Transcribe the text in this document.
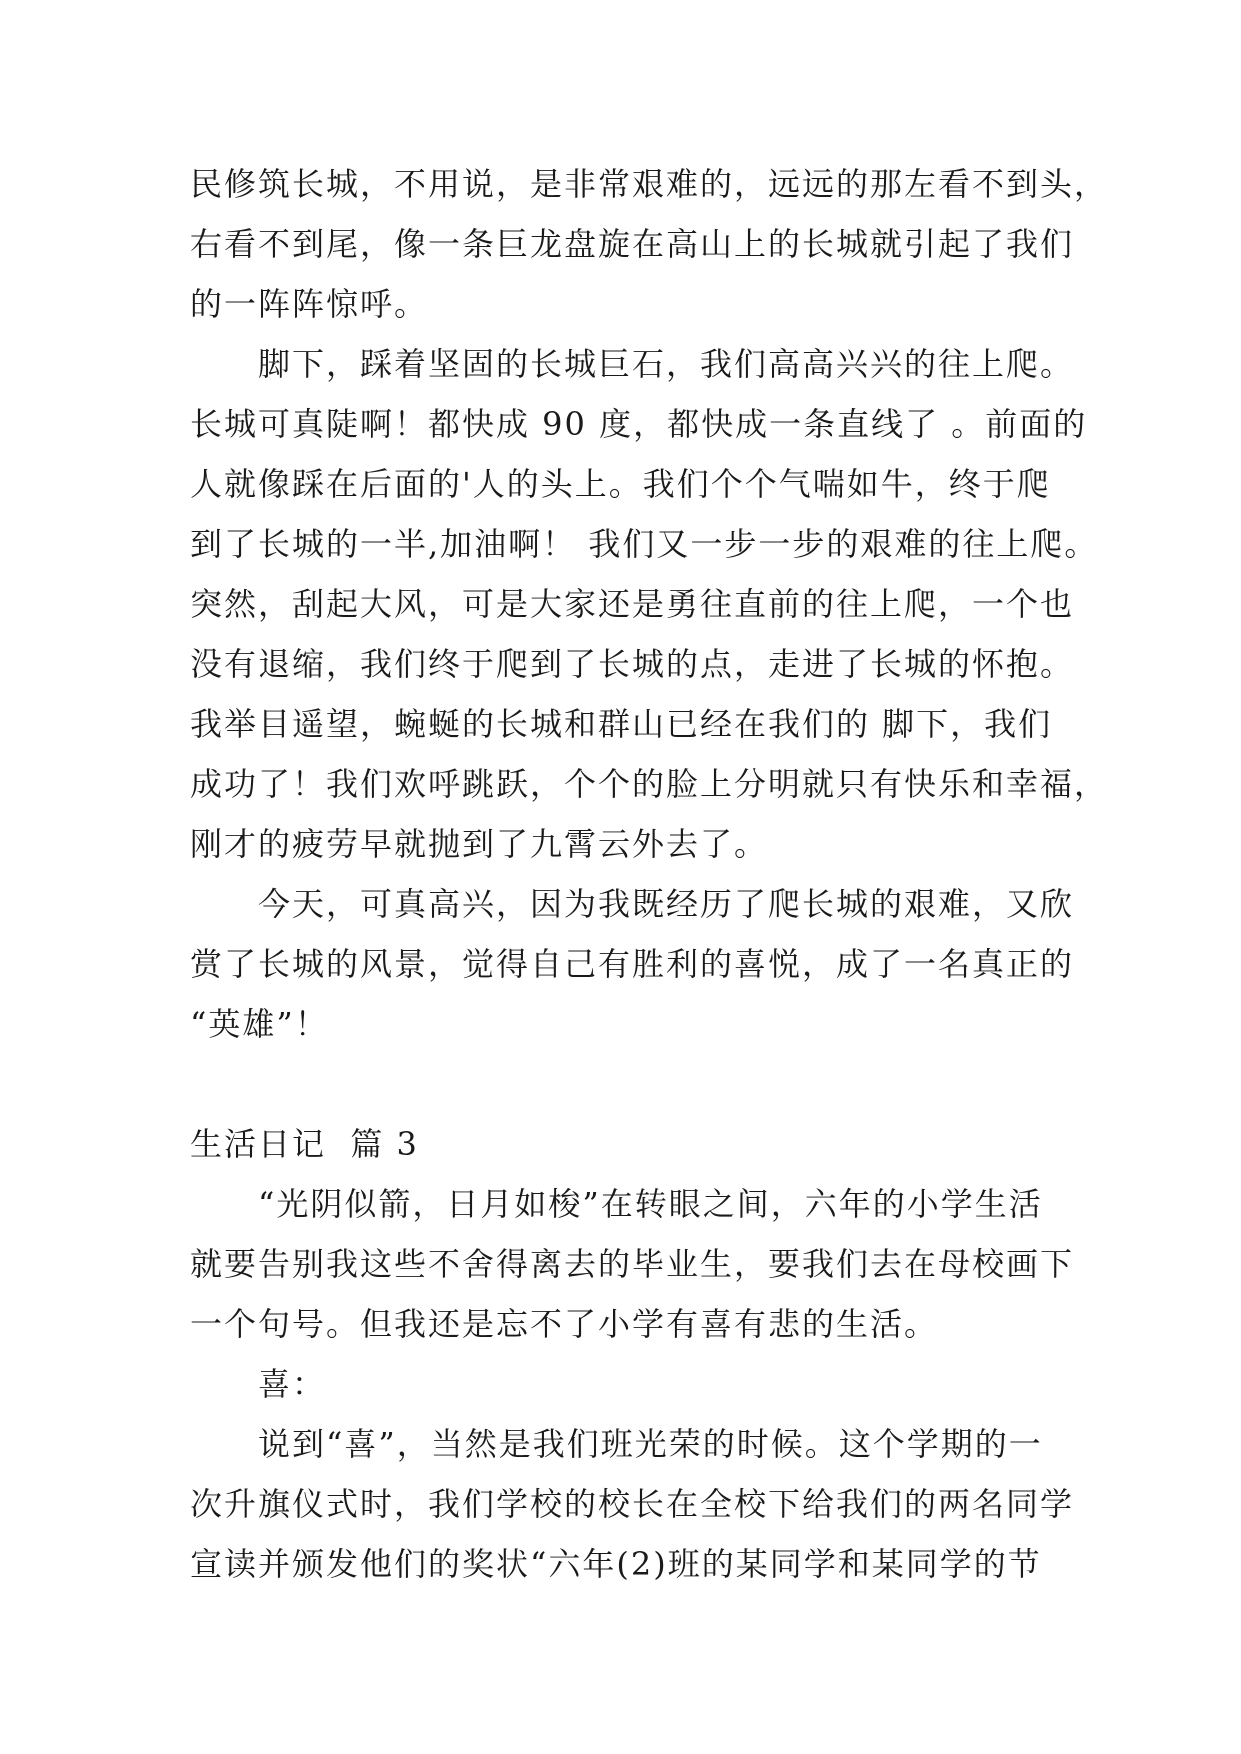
民修筑长城，不用说，是非常艰难的，远远的那左看不到头，
右看不到尾，像一条巨龙盘旋在高山上的长城就引起了我们
的一阵阵惊呼。
脚下，踩着坚固的长城巨石，我们高高兴兴的往上爬。
长城可真陡啊！都快成 90 度，都快成一条直线了 。前面的
人就像踩在后面的'人的头上。我们个个气喘如牛，终于爬
到了长城的一半,加油啊！ 我们又一步一步的艰难的往上爬。
突然，刮起大风，可是大家还是勇往直前的往上爬，一个也
没有退缩，我们终于爬到了长城的点，走进了长城的怀抱。
我举目遥望，蜿蜒的长城和群山已经在我们的 脚下，我们
成功了！我们欢呼跳跃，个个的脸上分明就只有快乐和幸福，
刚才的疲劳早就抛到了九霄云外去了。
今天，可真高兴，因为我既经历了爬长城的艰难，又欣
赏了长城的风景，觉得自己有胜利的喜悦，成了一名真正的
“英雄”！
生活日记  篇 3
“光阴似箭，日月如梭”在转眼之间，六年的小学生活
就要告别我这些不舍得离去的毕业生，要我们去在母校画下
一个句号。但我还是忘不了小学有喜有悲的生活。
喜：
说到“喜”，当然是我们班光荣的时候。这个学期的一
次升旗仪式时，我们学校的校长在全校下给我们的两名同学
宣读并颁发他们的奖状“六年(2)班的某同学和某同学的节
